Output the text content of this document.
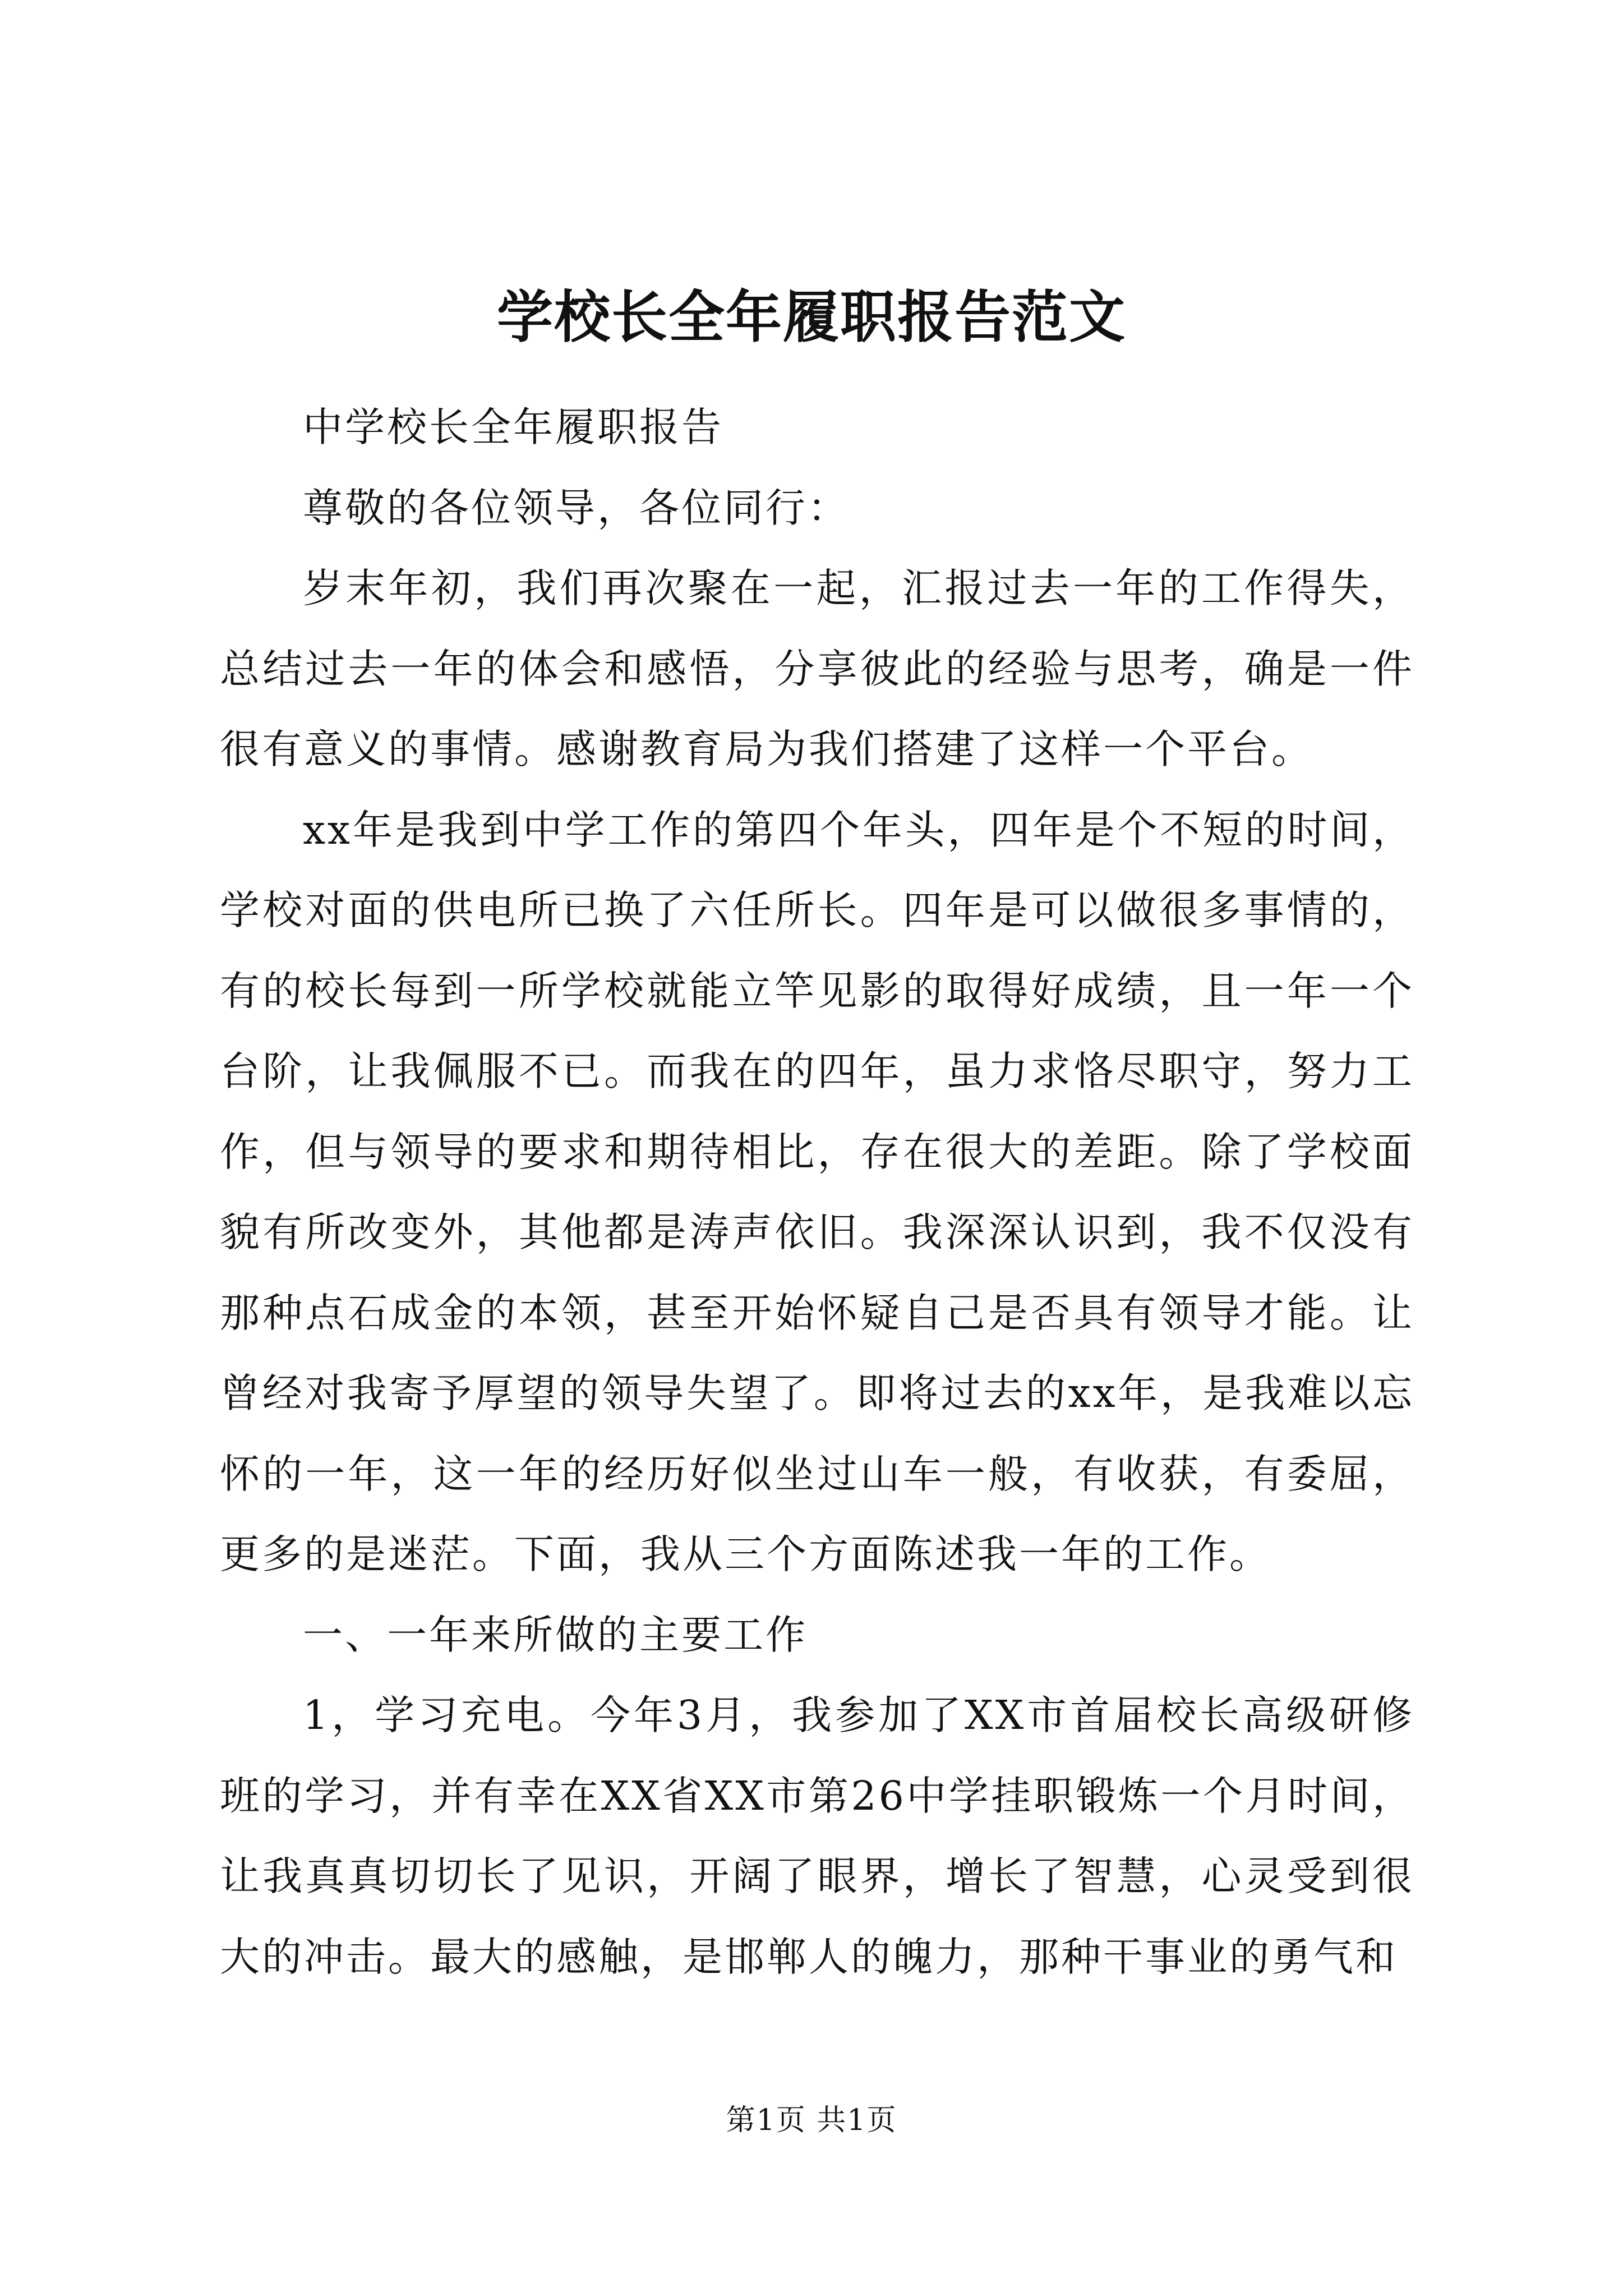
学校长全年履职报告范文

中学校长全年履职报告

尊敬的各位领导，各位同行：

岁末年初，我们再次聚在一起，汇报过去一年的工作得失，总结过去一年的体会和感悟，分享彼此的经验与思考，确是一件很有意义的事情。感谢教育局为我们搭建了这样一个平台。

xx年是我到中学工作的第四个年头，四年是个不短的时间，学校对面的供电所已换了六任所长。四年是可以做很多事情的，有的校长每到一所学校就能立竿见影的取得好成绩，且一年一个台阶，让我佩服不已。而我在的四年，虽力求恪尽职守，努力工作，但与领导的要求和期待相比，存在很大的差距。除了学校面貌有所改变外，其他都是涛声依旧。我深深认识到，我不仅没有那种点石成金的本领，甚至开始怀疑自己是否具有领导才能。让曾经对我寄予厚望的领导失望了。即将过去的xx年，是我难以忘怀的一年，这一年的经历好似坐过山车一般，有收获，有委屈，更多的是迷茫。下面，我从三个方面陈述我一年的工作。

一、一年来所做的主要工作

1，学习充电。今年3月，我参加了XX市首届校长高级研修班的学习，并有幸在XX省XX市第26中学挂职锻炼一个月时间，让我真真切切长了见识，开阔了眼界，增长了智慧，心灵受到很大的冲击。最大的感触，是邯郸人的魄力，那种干事业的勇气和

第1页 共1页
